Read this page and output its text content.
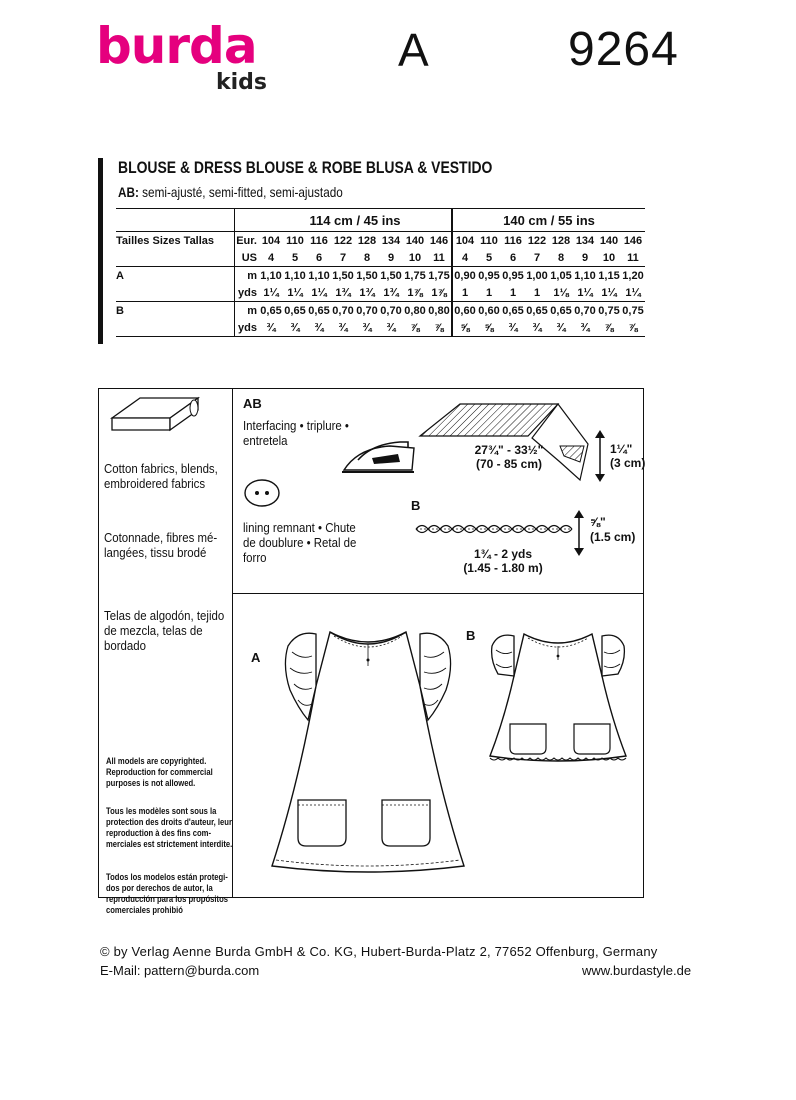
burda
kids
A	9264
BLOUSE & DRESS BLOUSE & ROBE BLUSA & VESTIDO
AB: semi-ajusté, semi-fitted, semi-ajustado
		114 cm / 45 ins								140 cm / 55 ins							
Tailles Sizes Tallas	Eur.	104	110	116	122	128	134	140	146	104	110	116	122	128	134	140	146
	US	4	5	6	7	8	9	10	11	4	5	6	7	8	9	10	11
A	m	1,10	1,10	1,10	1,50	1,50	1,50	1,75	1,75	0,90	0,95	0,95	1,00	1,05	1,10	1,15	1,20
	yds	1¼	1¼	1¼	1¾	1¾	1¾	1⅞	1⅞	1	1	1	1	1⅛	1¼	1¼	1¼
B	m	0,65	0,65	0,65	0,70	0,70	0,70	0,80	0,80	0,60	0,60	0,65	0,65	0,65	0,70	0,75	0,75
	yds	¾	¾	¾	¾	¾	¾	⅞	⅞	⅝	⅝	¾	¾	¾	¾	⅞	⅞
Cotton fabrics, blends, embroidered fabrics
Cotonnade, fibres mé-langées, tissu brodé
Telas de algodón, tejido de mezcla, telas de bordado
All models are copyrighted. Reproduction for commercial purposes is not allowed.
Tous les modèles sont sous la protection des droits d'auteur, leur reproduction à des fins com-merciales est strictement interdite.
Todos los modelos están protegi-dos por derechos de autor, la reproducción para los propósitos comerciales prohibió
AB
Interfacing • triplure • entretela
lining remnant • Chute de doublure • Retal de forro
27¾" - 33½"
(70 - 85 cm)
1¼"
(3 cm)
B
⅝"
(1.5 cm)
1¾ - 2 yds
(1.45 - 1.80 m)
A
B
© by Verlag Aenne Burda GmbH & Co. KG, Hubert-Burda-Platz 2, 77652 Offenburg, Germany
E-Mail: pattern@burda.com	www.burdastyle.de
